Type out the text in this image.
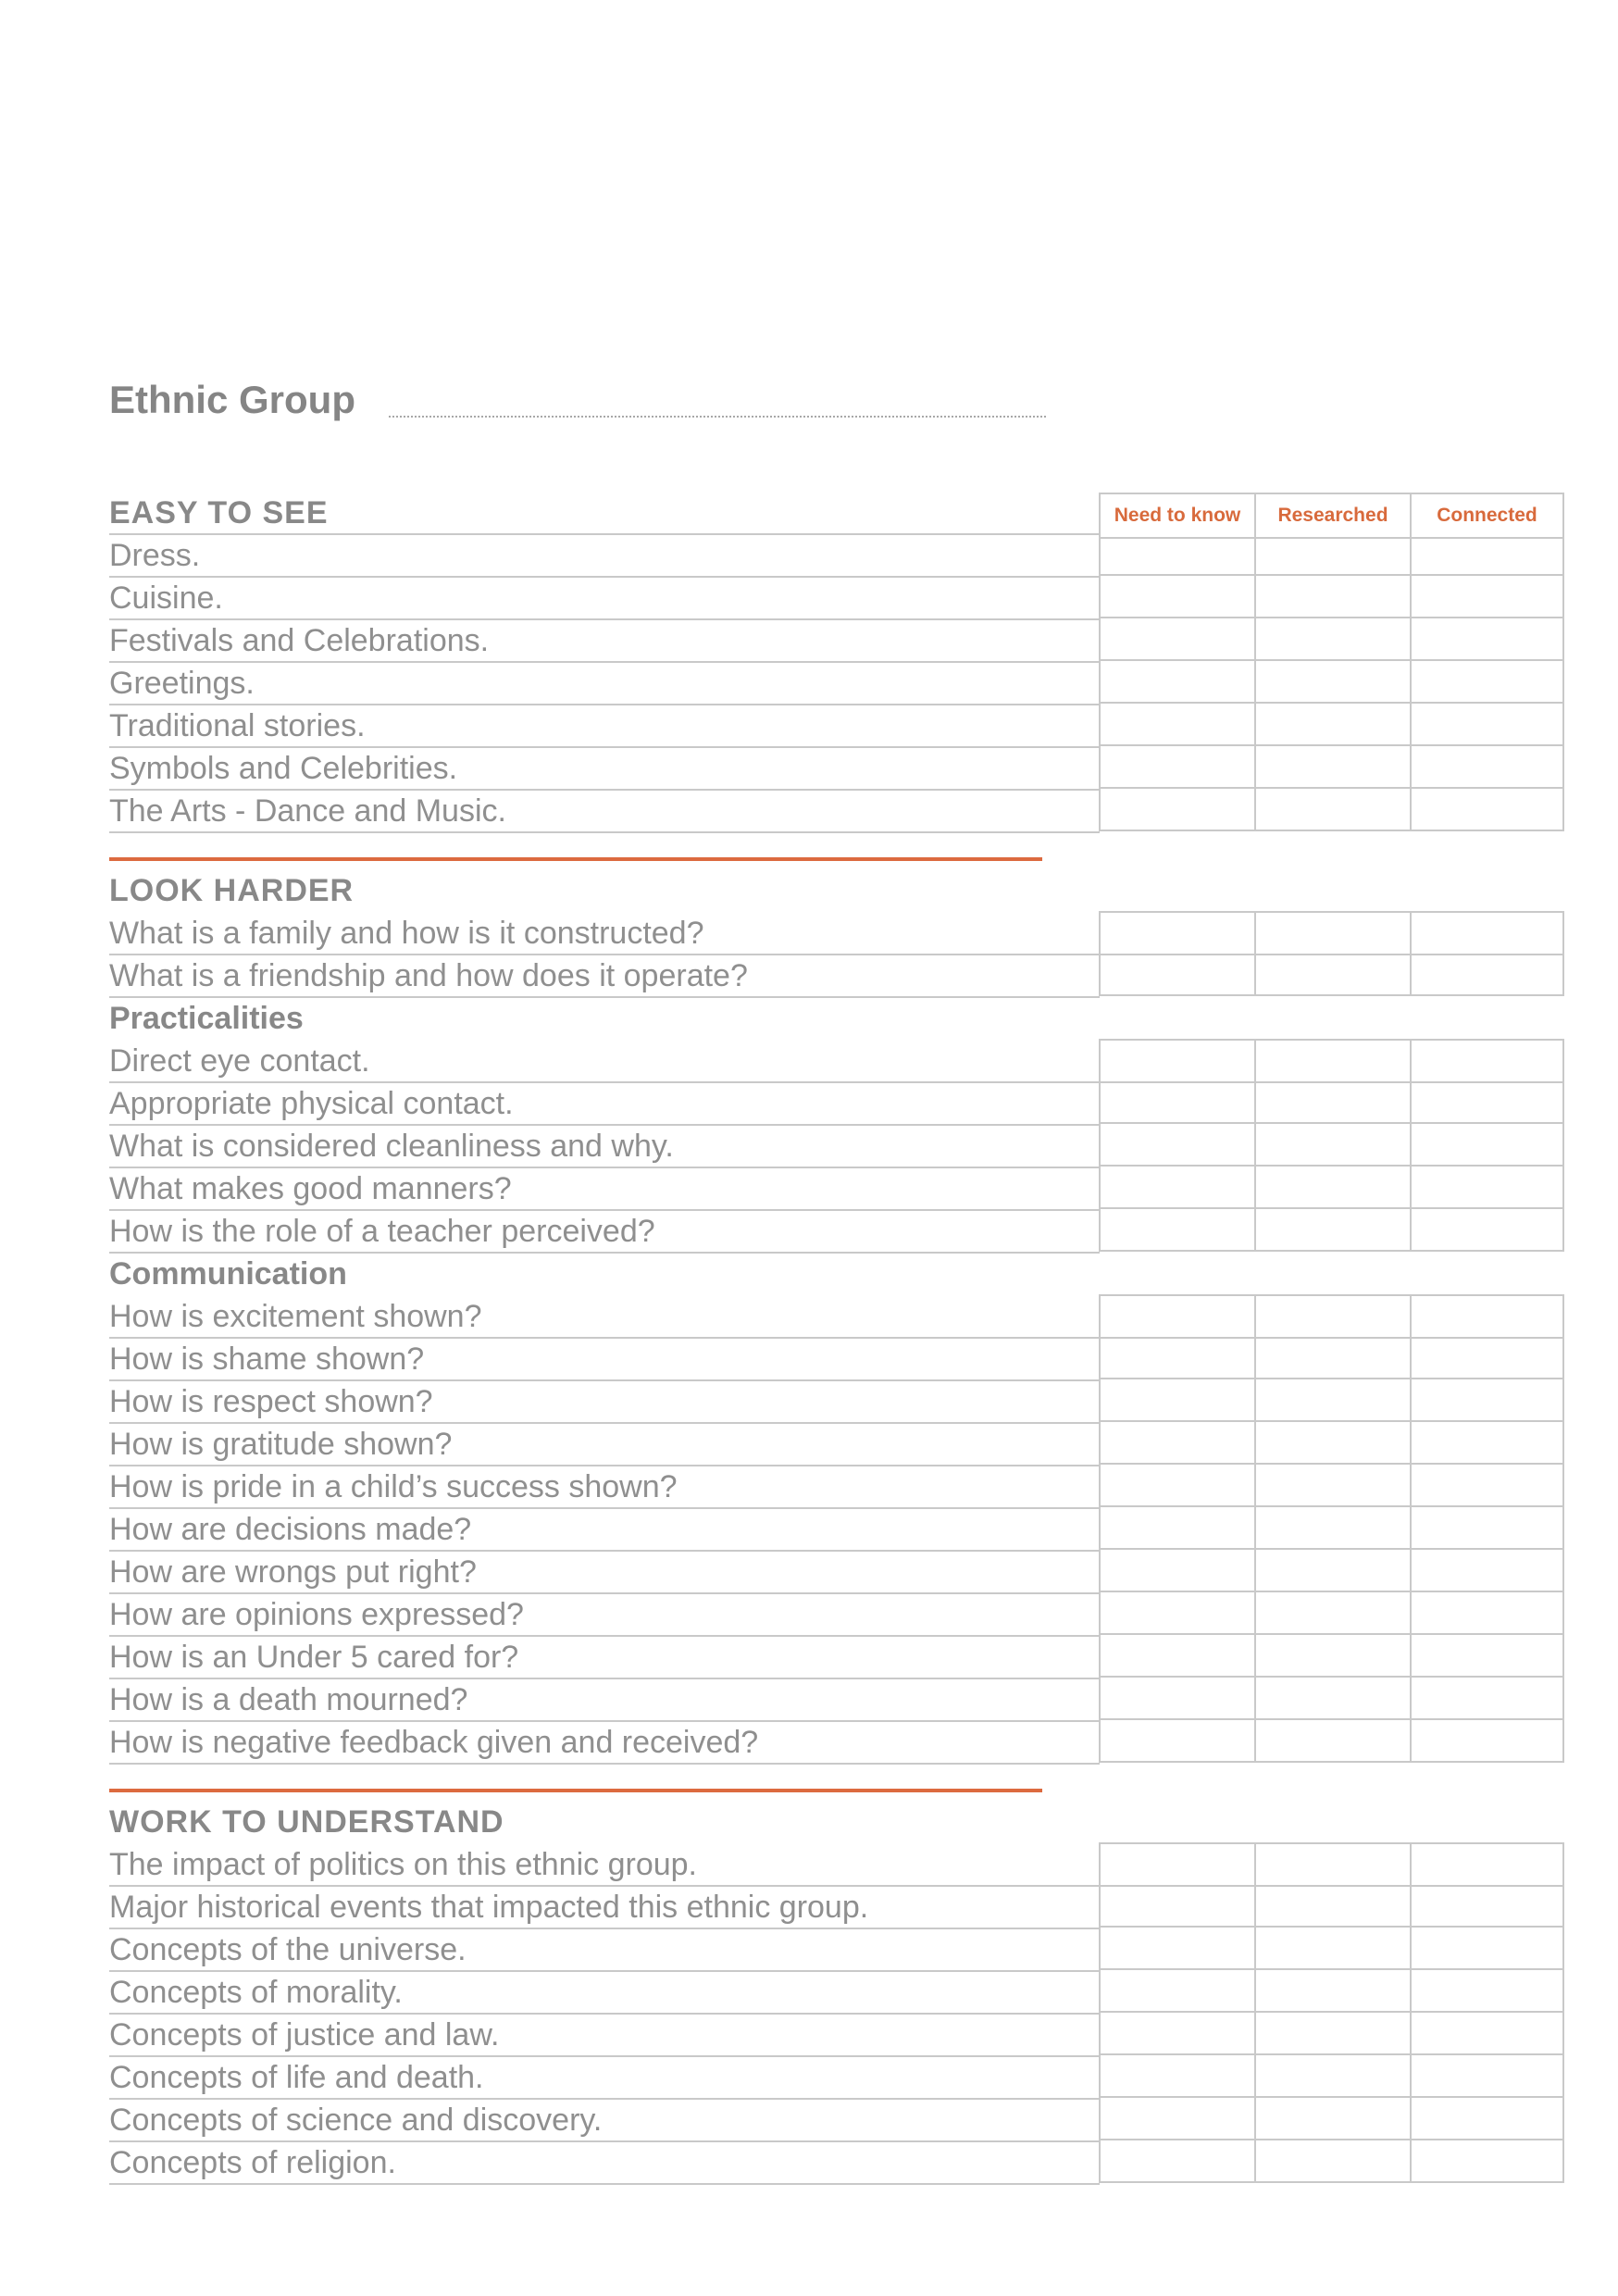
Ethnic Group
EASY TO SEE	Need to know	Researched	Connected
Dress.
Cuisine.
Festivals and Celebrations.
Greetings.
Traditional stories.
Symbols and Celebrities.
The Arts - Dance and Music.
LOOK HARDER
What is a family and how is it constructed?
What is a friendship and how does it operate?
Practicalities
Direct eye contact.
Appropriate physical contact.
What is considered cleanliness and why.
What makes good manners?
How is the role of a teacher perceived?
Communication
How is excitement shown?
How is shame shown?
How is respect shown?
How is gratitude shown?
How is pride in a child’s success shown?
How are decisions made?
How are wrongs put right?
How are opinions expressed?
How is an Under 5 cared for?
How is a death mourned?
How is negative feedback given and received?
WORK TO UNDERSTAND
The impact of politics on this ethnic group.
Major historical events that impacted this ethnic group.
Concepts of the universe.
Concepts of morality.
Concepts of justice and law.
Concepts of life and death.
Concepts of science and discovery.
Concepts of religion.
